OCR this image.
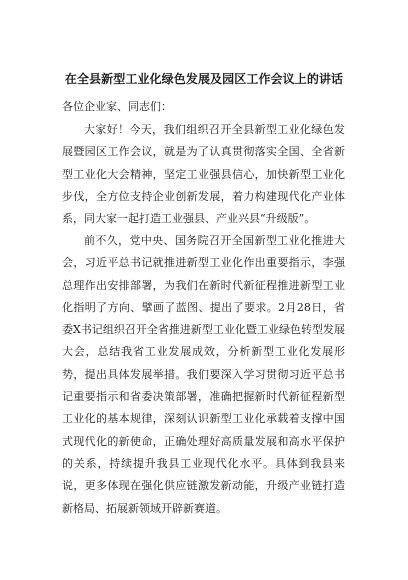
在全县新型工业化绿色发展及园区工作会议上的讲话
各位企业家、同志们：

大家好！今天，我们组织召开全县新型工业化绿色发展暨园区工作会议，就是为了认真贯彻落实全国、全省新型工业化大会精神，坚定工业强县信心，加快新型工业化步伐，全方位支持企业创新发展，着力构建现代化产业体系，同大家一起打造工业强县、产业兴县“升级版”。

前不久，党中央、国务院召开全国新型工业化推进大会，习近平总书记就推进新型工业化作出重要指示，李强总理作出安排部署，为我们在新时代新征程推进新型工业化指明了方向、擘画了蓝图、提出了要求。2月28日，省委X书记组织召开全省推进新型工业化暨工业绿色转型发展大会，总结我省工业发展成效，分析新型工业化发展形势，提出具体发展举措。我们要深入学习贯彻习近平总书记重要指示和省委决策部署，准确把握新时代新征程新型工业化的基本规律，深刻认识新型工业化承载着支撑中国式现代化的新使命，正确处理好高质量发展和高水平保护的关系，持续提升我县工业现代化水平。具体到我县来说，更多体现在强化供应链激发新动能，升级产业链打造新格局、拓展新领域开辟新赛道。
